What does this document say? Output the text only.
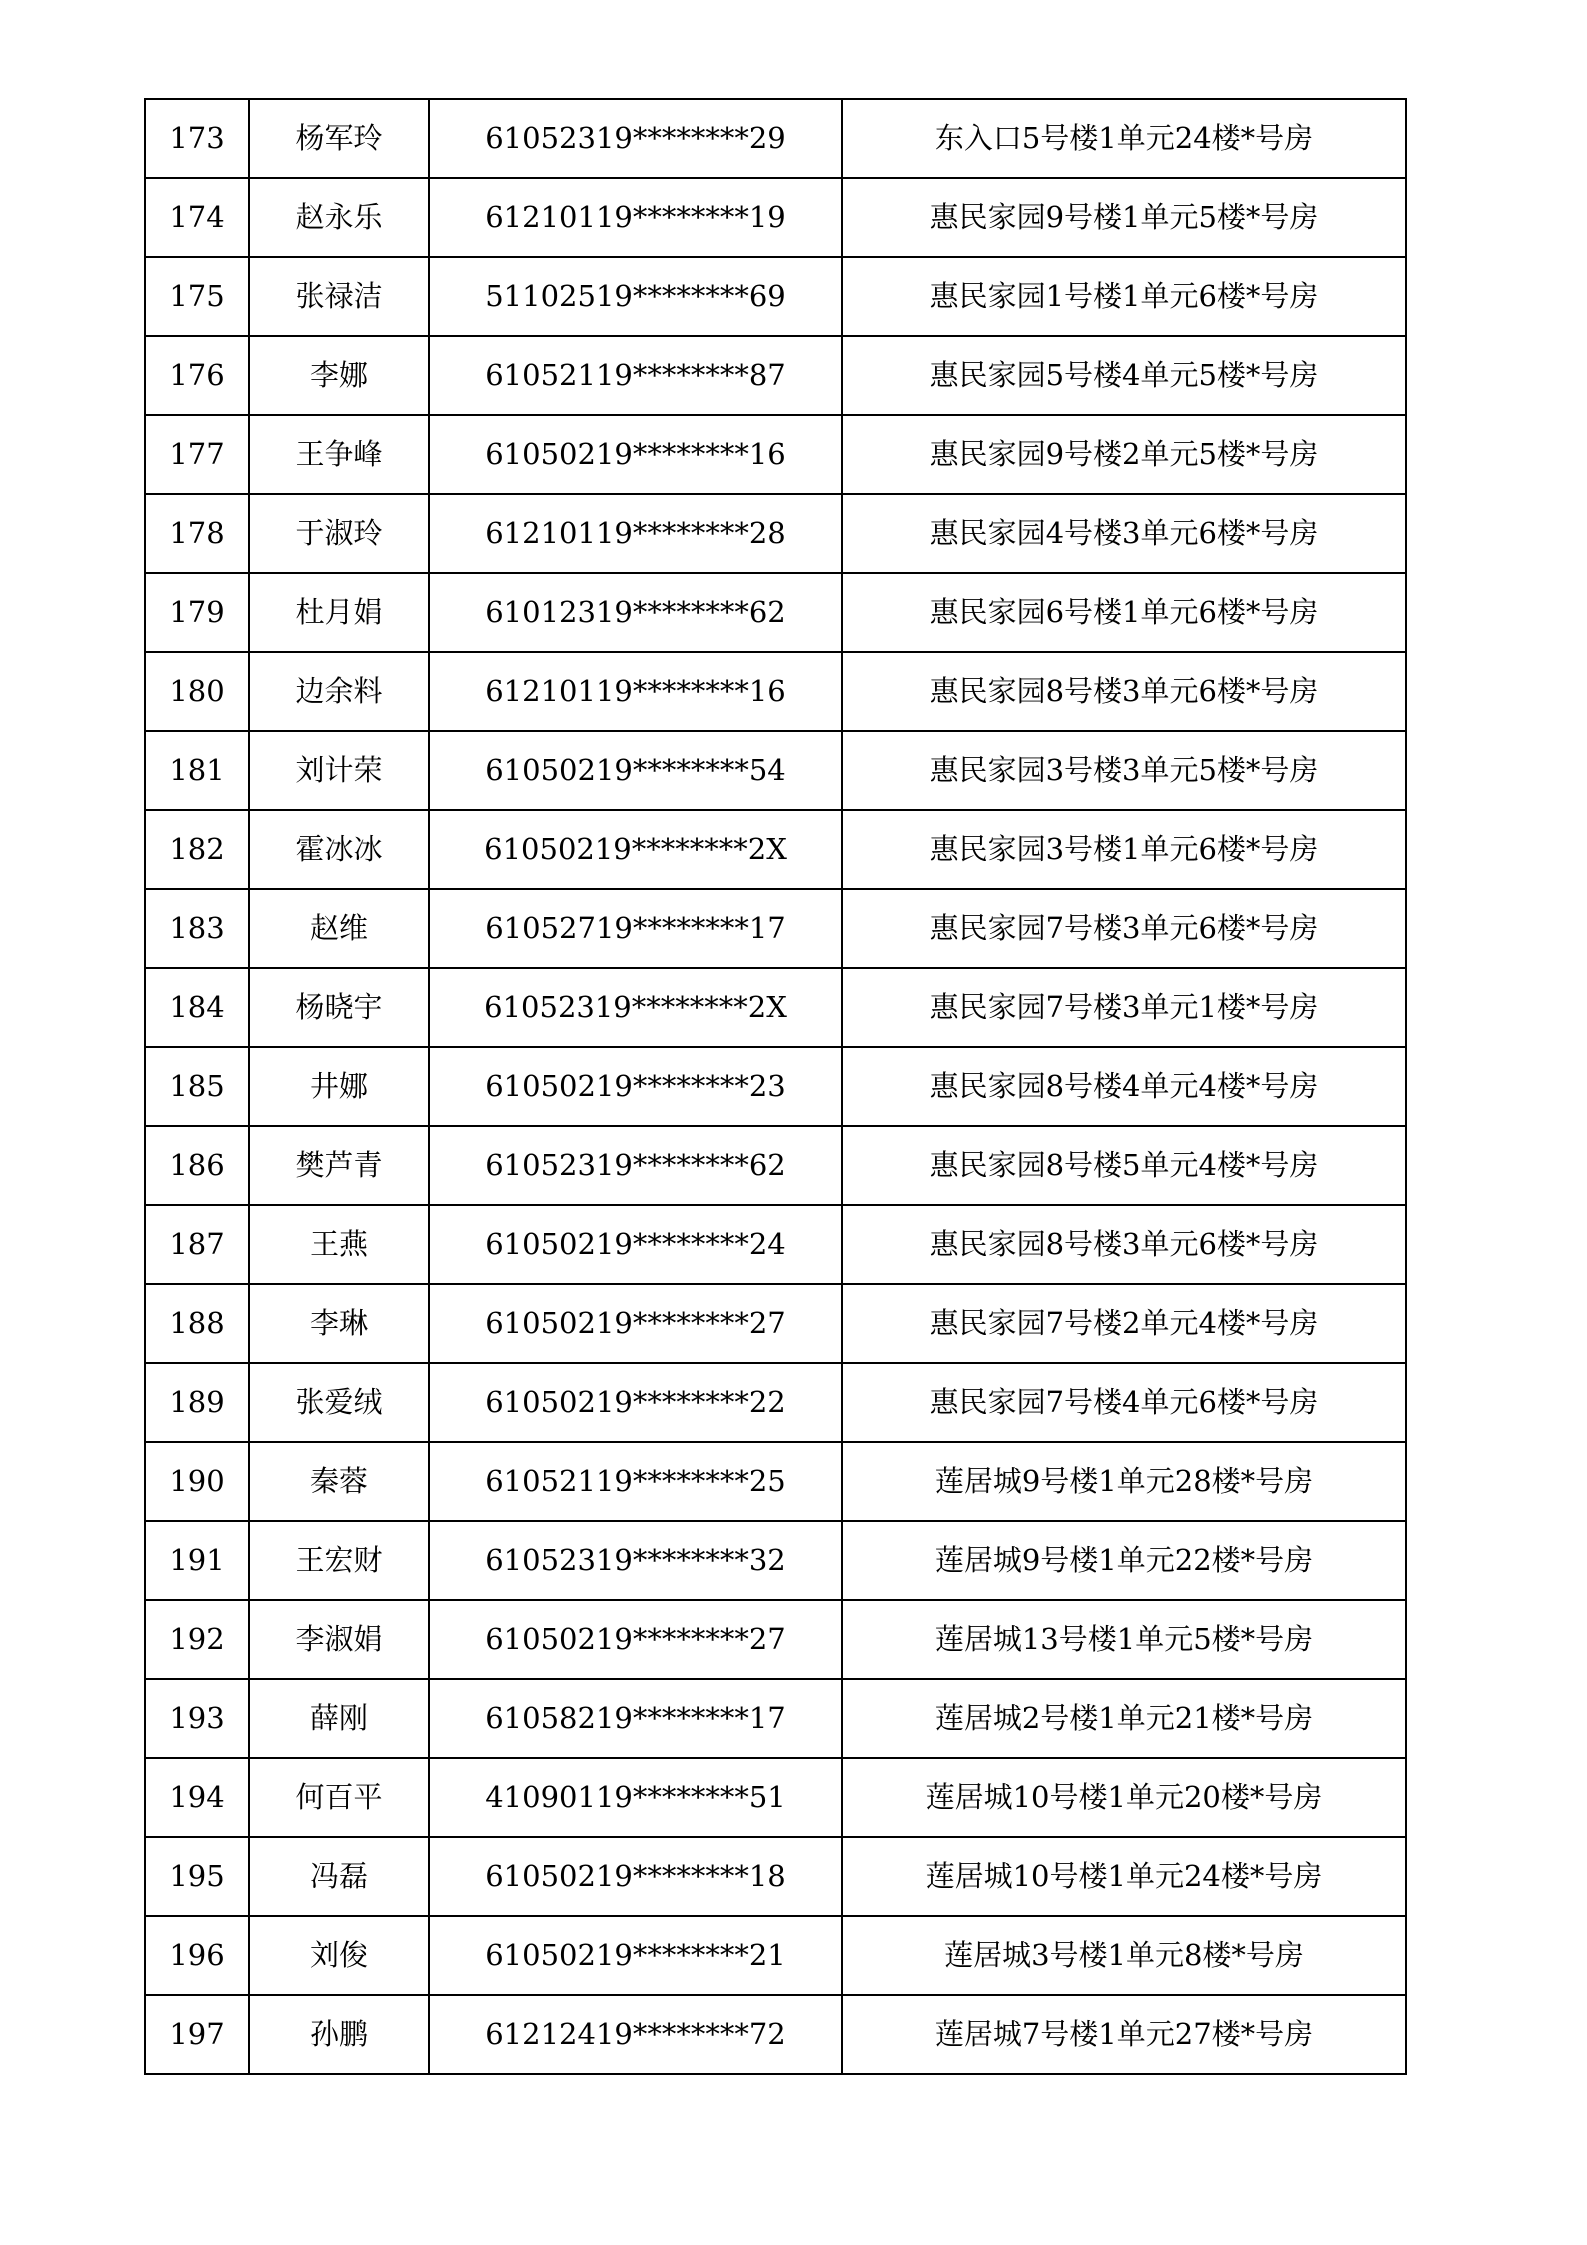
173	杨军玲	61052319********29	东入口5号楼1单元24楼*号房
174	赵永乐	61210119********19	惠民家园9号楼1单元5楼*号房
175	张禄洁	51102519********69	惠民家园1号楼1单元6楼*号房
176	李娜	61052119********87	惠民家园5号楼4单元5楼*号房
177	王争峰	61050219********16	惠民家园9号楼2单元5楼*号房
178	于淑玲	61210119********28	惠民家园4号楼3单元6楼*号房
179	杜月娟	61012319********62	惠民家园6号楼1单元6楼*号房
180	边余料	61210119********16	惠民家园8号楼3单元6楼*号房
181	刘计荣	61050219********54	惠民家园3号楼3单元5楼*号房
182	霍冰冰	61050219********2X	惠民家园3号楼1单元6楼*号房
183	赵维	61052719********17	惠民家园7号楼3单元6楼*号房
184	杨晓宇	61052319********2X	惠民家园7号楼3单元1楼*号房
185	井娜	61050219********23	惠民家园8号楼4单元4楼*号房
186	樊芦青	61052319********62	惠民家园8号楼5单元4楼*号房
187	王燕	61050219********24	惠民家园8号楼3单元6楼*号房
188	李琳	61050219********27	惠民家园7号楼2单元4楼*号房
189	张爱绒	61050219********22	惠民家园7号楼4单元6楼*号房
190	秦蓉	61052119********25	莲居城9号楼1单元28楼*号房
191	王宏财	61052319********32	莲居城9号楼1单元22楼*号房
192	李淑娟	61050219********27	莲居城13号楼1单元5楼*号房
193	薛刚	61058219********17	莲居城2号楼1单元21楼*号房
194	何百平	41090119********51	莲居城10号楼1单元20楼*号房
195	冯磊	61050219********18	莲居城10号楼1单元24楼*号房
196	刘俊	61050219********21	莲居城3号楼1单元8楼*号房
197	孙鹏	61212419********72	莲居城7号楼1单元27楼*号房
